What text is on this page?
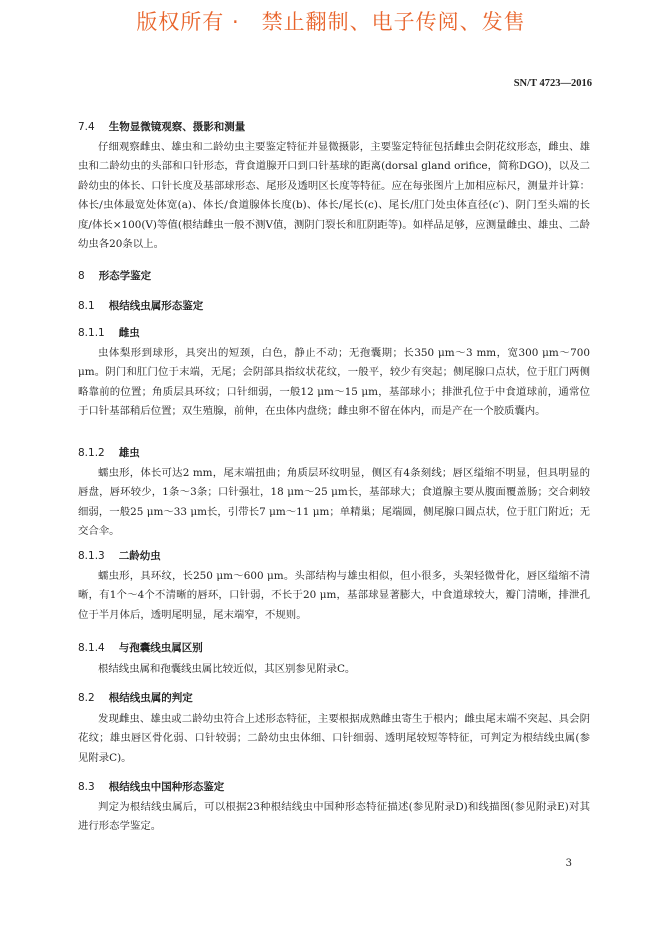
版权所有 ·　禁止翻制、电子传阅、发售
SN/T 4723—2016
7.4 生物显微镜观察、摄影和测量

仔细观察雌虫、雄虫和二龄幼虫主要鉴定特征并显微摄影，主要鉴定特征包括雌虫会阴花纹形态，雌虫、雄虫和二龄幼虫的头部和口针形态，背食道腺开口到口针基球的距离(dorsal gland orifice，简称DGO)，以及二龄幼虫的体长、口针长度及基部球形态、尾形及透明区长度等特征。应在每张图片上加相应标尺，测量并计算：体长/虫体最宽处体宽(a)、体长/食道腺体长度(b)、体长/尾长(c)、尾长/肛门处虫体直径(c′)、阴门至头端的长度/体长×100(V)等值(根结雌虫一般不测V值，测阴门裂长和肛阴距等)。如样品足够，应测量雌虫、雄虫、二龄幼虫各20条以上。

8 形态学鉴定
8.1 根结线虫属形态鉴定
8.1.1 雌虫

虫体梨形到球形，具突出的短颈，白色，静止不动；无孢囊期；长350 μm～3 mm，宽300 μm～700 μm。阴门和肛门位于末端，无尾；会阴部具指纹状花纹，一般平，较少有突起；侧尾腺口点状，位于肛门两侧略靠前的位置；角质层具环纹；口针细弱，一般12 μm～15 μm，基部球小；排泄孔位于中食道球前，通常位于口针基部稍后位置；双生殖腺，前伸，在虫体内盘绕；雌虫卵不留在体内，而是产在一个胶质囊内。

8.1.2 雄虫

蠕虫形，体长可达2 mm，尾末端扭曲；角质层环纹明显，侧区有4条刻线；唇区缢缩不明显，但具明显的唇盘，唇环较少，1条～3条；口针强壮，18 μm～25 μm长，基部球大；食道腺主要从腹面覆盖肠；交合刺较细弱，一般25 μm～33 μm长，引带长7 μm～11 μm；单精巢；尾端圆，侧尾腺口圆点状，位于肛门附近；无交合伞。

8.1.3 二龄幼虫

蠕虫形，具环纹，长250 μm～600 μm。头部结构与雄虫相似，但小很多，头架轻微骨化，唇区缢缩不清晰，有1个～4个不清晰的唇环，口针弱，不长于20 μm，基部球显著膨大，中食道球较大，瓣门清晰，排泄孔位于半月体后，透明尾明显，尾末端窄，不规则。

8.1.4 与孢囊线虫属区别

根结线虫属和孢囊线虫属比较近似，其区别参见附录C。

8.2 根结线虫属的判定

发现雌虫、雄虫或二龄幼虫符合上述形态特征，主要根据成熟雌虫寄生于根内；雌虫尾末端不突起、具会阴花纹；雄虫唇区骨化弱、口针较弱；二龄幼虫虫体细、口针细弱、透明尾较短等特征，可判定为根结线虫属(参见附录C)。

8.3 根结线虫中国种形态鉴定

判定为根结线虫属后，可以根据23种根结线虫中国种形态特征描述(参见附录D)和线描图(参见附录E)对其进行形态学鉴定。

3
